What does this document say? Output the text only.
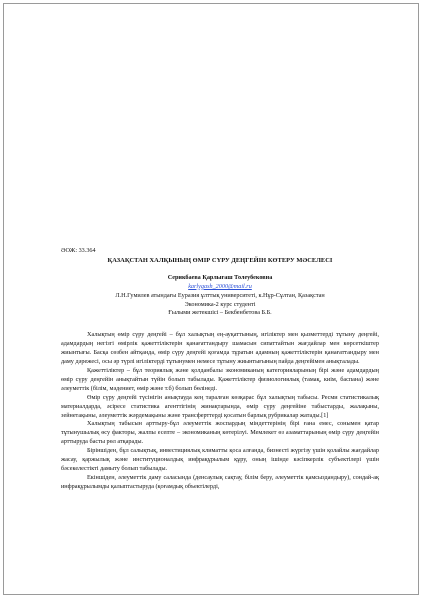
ӘОЖ: 33.364

ҚАЗАҚСТАН ХАЛҚЫНЫҢ ӨМІР СҮРУ ДЕҢГЕЙІН КӨТЕРУ МӘСЕЛЕСІ

Серикбаева Қарлығаш Толеубековна

karlygash_2000@mail.ru

Л.Н.Гумилев атындағы Еуразия ұлттық университеті, к.Нұр-Сұлтан, Қазақстан

Экономика-2 курс студенті

Ғылыми жетекшісі – Бекбенбетова Б.Б.

Халықтың өмір сүру деңгейі – бұл халықтың ең-ауқаттының, игіліктер мен қызметтерді тұтыну деңгейі, адамдардың негізгі өмірлік қажеттіліктерін қанағаттандыру шамасын сипаттайтын жағдайлар мен көрсеткіштер жиынтығы. Басқа сөзбен айтқанда, өмір сүру деңгейі қоғамда тұратын адамның қажеттіліктерін қанағаттандыру мен даму дәрежесі, осы әр түрлі игіліктерді тұтынумен немесе тұтыну жиынтығының пайда деңгейімен анықталады.

Қажеттіліктер – бұл теориялық және қолданбалы экономиканың категорияларының бірі және адамдардың өмір сүру деңгейін анықтайтын түйін болып табылады. Қажеттіліктер физиологиялық (тамақ, киім, баспана) және әлеуметтік (білім, мәдениет, өмір және т.б) болып бөлінеді.

Өмір сүру деңгейі түсінігін анықтауда кең таралған көзқарас бұл халықтың табысы. Ресми статистикалық материалдарда, әсіресе статистика агенттігінің жинақтарында, өмір сүру деңгейіне табыстарды, жалақыны, зейнетақыны, әлеуметтік жәрдемақыны және трансферттерді қосатын барлық рубрикалар жатады.[1]

Халықтың табысын арттыру-бұл әлеуметтік жоспардың міндеттерінің бірі ғана емес, сонымен қатар тұтынушылық өсу факторы, жалпы есепте – экономиканың көтерілуі. Мемлекет өз азаматтарының өмір сүру деңгейін арттыруда басты рөл атқарады.

Біріншіден, бұл салықтық, инвестициялық климатты қоса алғанда, бизнесті жүргізу үшін қолайлы жағдайлар жасау, қаржылық және институционалдық инфрақұрылым құру, оның ішінде кәсіпкерлік субъектілері үшін бәсекелестікті дамыту болып табылады.

Екіншіден, әлеуметтік даму саласында (денсаулық сақтау, білім беру, әлеуметтік қамсыздандыру), сондай-ақ инфрақұрылымды қалыптастыруда (қоғамдық объектілерді,
